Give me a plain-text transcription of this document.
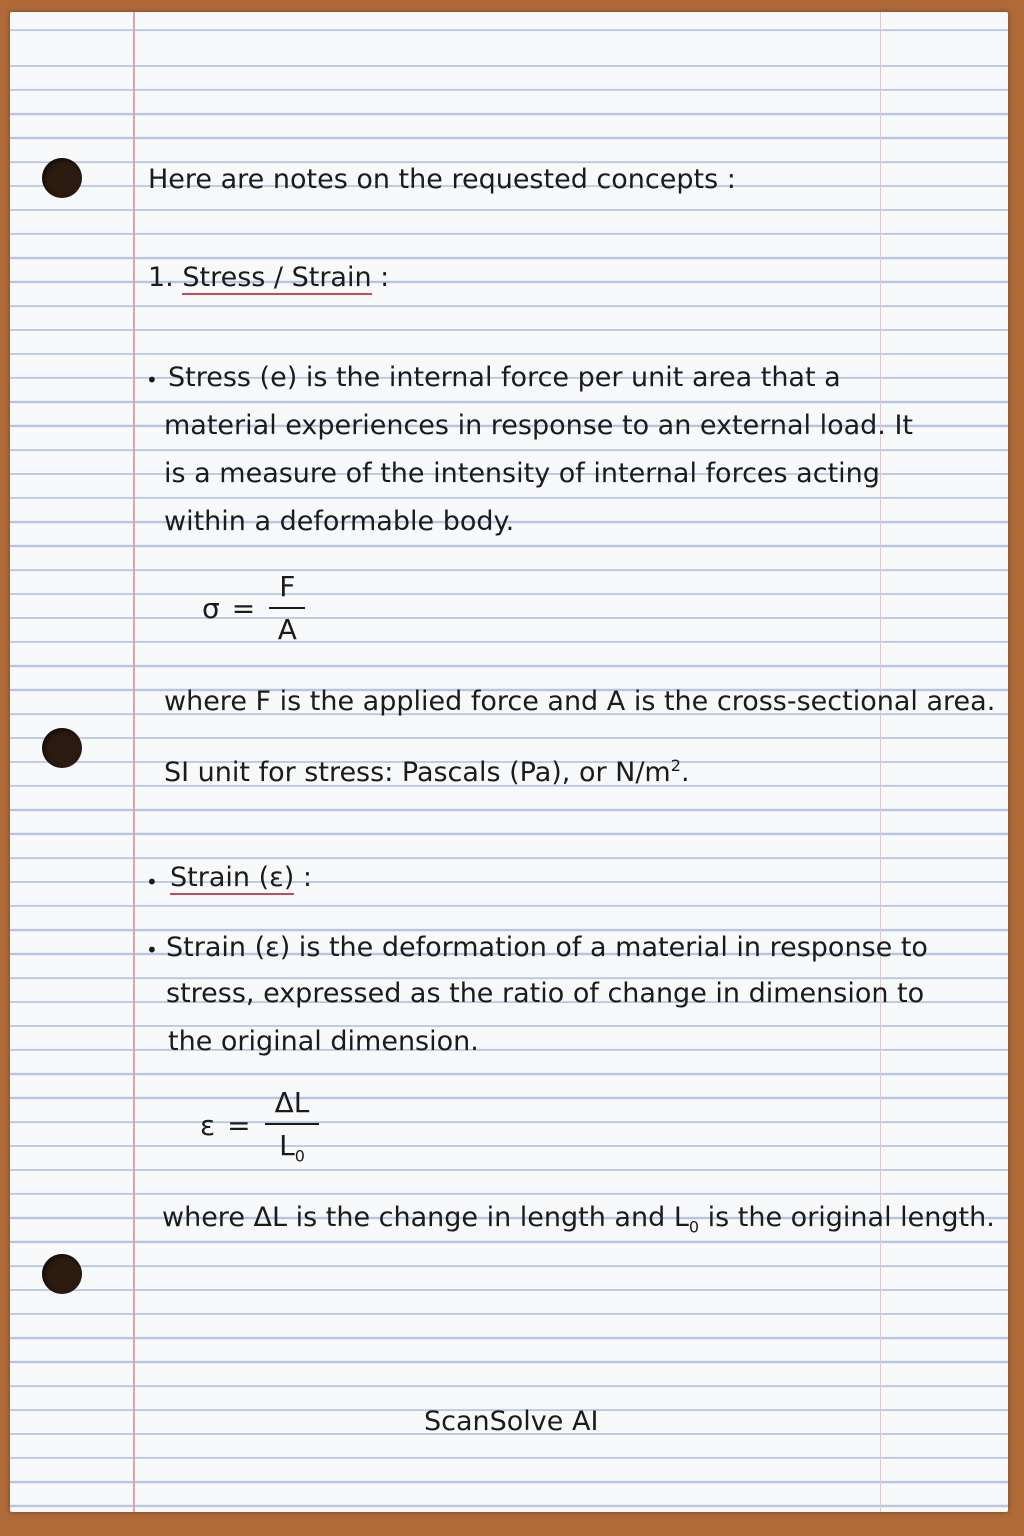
Here are notes on the requested concepts :
1. Stress / Strain :
• Stress (e) is the internal force per unit area that a
material experiences in response to an external load. It
is a measure of the intensity of internal forces acting
within a deformable body.
$\sigma = \frac{F}{A}$
where F is the applied force and A is the cross-sectional area.
SI unit for stress: Pascals (Pa), or $N/m^2$.
• Strain (ε) :
• Strain (ε) is the deformation of a material in response to
stress, expressed as the ratio of change in dimension to
the original dimension.
$\varepsilon = \frac{\Delta L}{L_0}$
where ΔL is the change in length and $L_0$ is the original length.
ScanSolve AI
